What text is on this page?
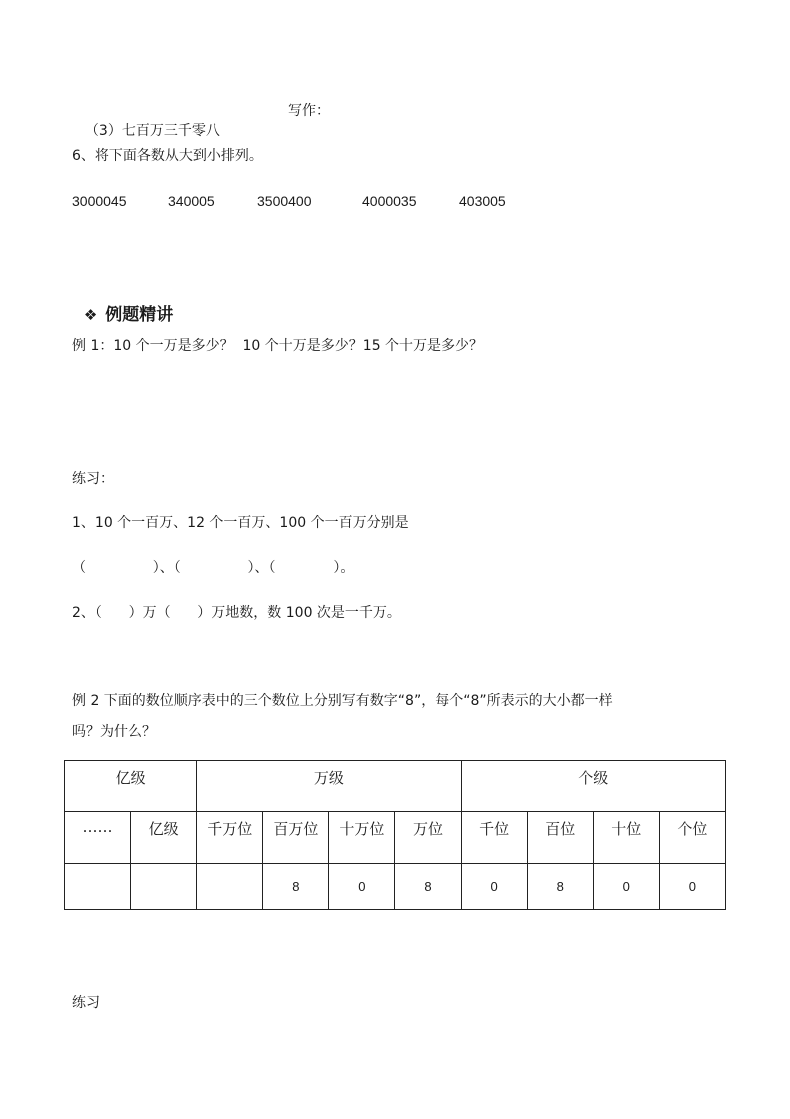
（3）七百万三千零八

写作：
6、将下面各数从大到小排列。
3000045	340005	3500400	4000035	403005

❖ 例题精讲

例 1：10 个一万是多少？  10 个十万是多少？15 个十万是多少？
练习：
1、10 个一百万、12 个一百万、100 个一百万分别是
（               ）、（               ）、（             ）。
2、（      ）万（      ）万地数，数 100 次是一千万。
例 2 下面的数位顺序表中的三个数位上分别写有数字“8”，每个“8”所表示的大小都一样
吗？为什么？
亿级		万级				个级			
……	亿级	千万位	百万位	十万位	万位	千位	百位	十位	个位
			8	0	8	0	8	0	0
练习
